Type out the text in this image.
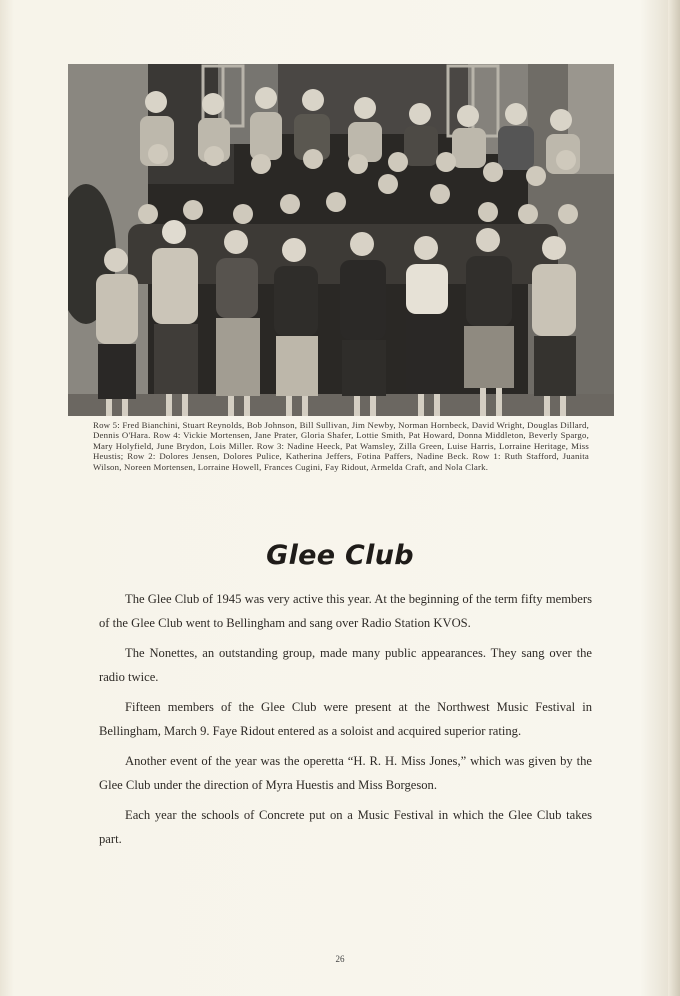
Row 5: Fred Bianchini, Stuart Reynolds, Bob Johnson, Bill Sullivan, Jim Newby, Norman Hornbeck, David Wright, Douglas Dillard, Dennis O'Hara. Row 4: Vickie Mortensen, Jane Prater, Gloria Shafer, Lottie Smith, Pat Howard, Donna Middleton, Beverly Spargo, Mary Holyfield, June Brydon, Lois Miller. Row 3: Nadine Heeck, Pat Wamsley, Zilla Green, Luise Harris, Lorraine Heritage, Miss Heustis; Row 2: Dolores Jensen, Dolores Pulice, Katherina Jeffers, Fotina Paffers, Nadine Beck. Row 1: Ruth Stafford, Juanita Wilson, Noreen Mortensen, Lorraine Howell, Frances Cugini, Fay Ridout, Armelda Craft, and Nola Clark.
Glee Club

The Glee Club of 1945 was very active this year. At the beginning of the term fifty members of the Glee Club went to Bellingham and sang over Radio Station KVOS.

The Nonettes, an outstanding group, made many public appearances. They sang over the radio twice.

Fifteen members of the Glee Club were present at the Northwest Music Festival in Bellingham, March 9. Faye Ridout entered as a soloist and acquired superior rating.

Another event of the year was the operetta “H. R. H. Miss Jones,” which was given by the Glee Club under the direction of Myra Huestis and Miss Borgeson.

Each year the schools of Concrete put on a Music Festival in which the Glee Club takes part.

26
